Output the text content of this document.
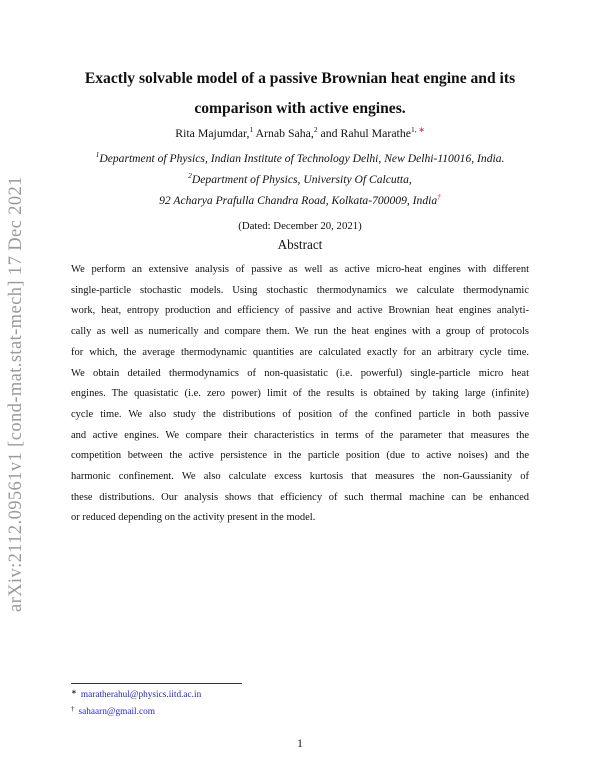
arXiv:2112.09561v1 [cond-mat.stat-mech] 17 Dec 2021
Exactly solvable model of a passive Brownian heat engine and its
comparison with active engines.
Rita Majumdar,$^1$ Arnab Saha,$^2$ and Rahul Marathe$^{1, ∗}$
$^1$Department of Physics, Indian Institute of Technology Delhi, New Delhi-110016, India.
$^2$Department of Physics, University Of Calcutta,
92 Acharya Prafulla Chandra Road, Kolkata-700009, India†
(Dated: December 20, 2021)
Abstract
We perform an extensive analysis of passive as well as active micro-heat engines with different
single-particle stochastic models. Using stochastic thermodynamics we calculate thermodynamic
work, heat, entropy production and efficiency of passive and active Brownian heat engines analyti-
cally as well as numerically and compare them. We run the heat engines with a group of protocols
for which, the average thermodynamic quantities are calculated exactly for an arbitrary cycle time.
We obtain detailed thermodynamics of non-quasistatic (i.e. powerful) single-particle micro heat
engines. The quasistatic (i.e. zero power) limit of the results is obtained by taking large (infinite)
cycle time. We also study the distributions of position of the confined particle in both passive
and active engines. We compare their characteristics in terms of the parameter that measures the
competition between the active persistence in the particle position (due to active noises) and the
harmonic confinement. We also calculate excess kurtosis that measures the non-Gaussianity of
these distributions. Our analysis shows that efficiency of such thermal machine can be enhanced
or reduced depending on the activity present in the model.
∗ maratherahul@physics.iitd.ac.in
† sahaarn@gmail.com
1
